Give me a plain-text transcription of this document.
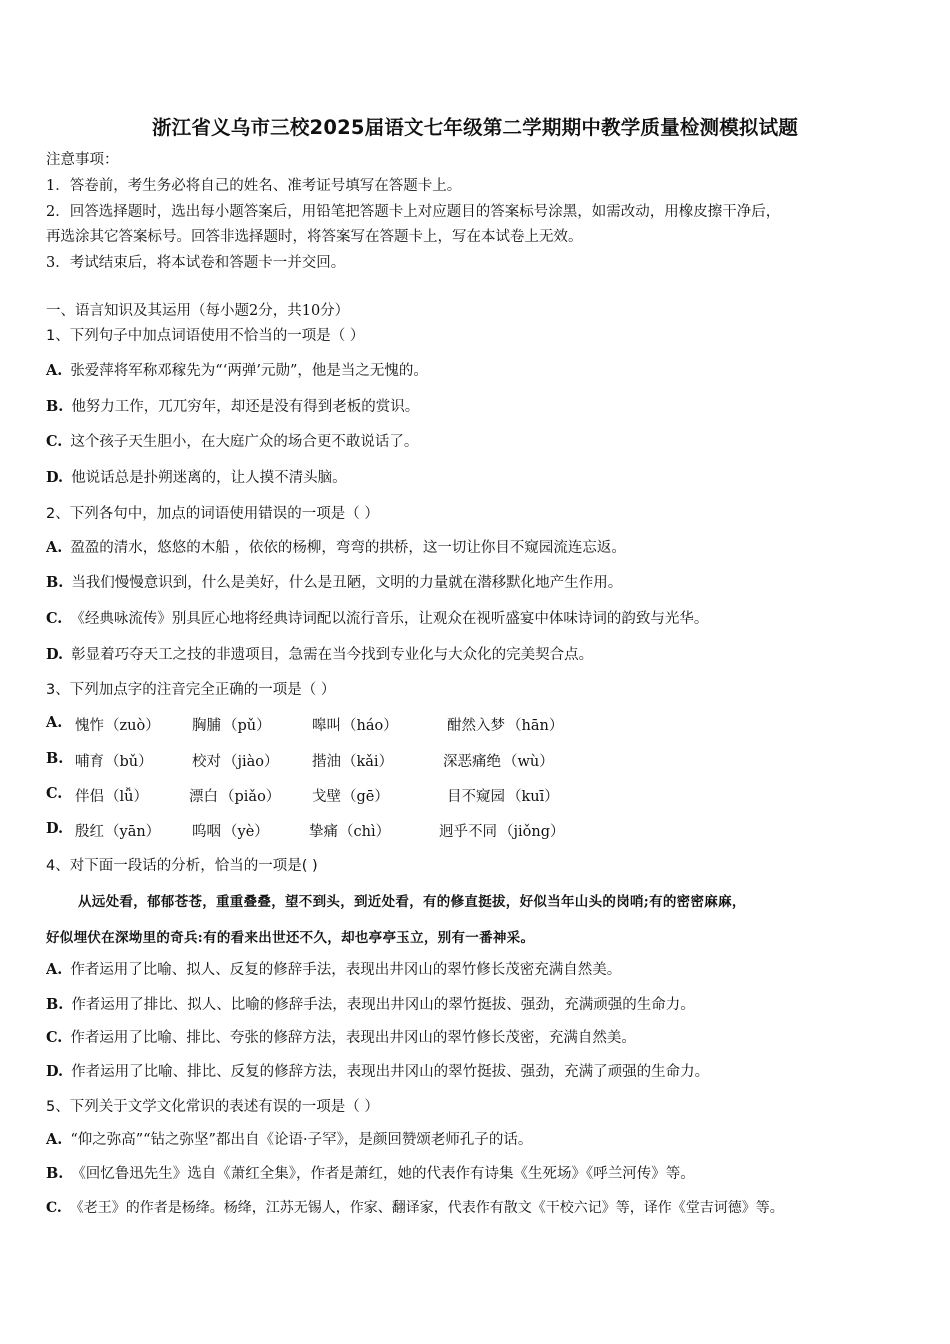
浙江省义乌市三校2025届语文七年级第二学期期中教学质量检测模拟试题
注意事项：
1．答卷前，考生务必将自己的姓名、准考证号填写在答题卡上。
2．回答选择题时，选出每小题答案后，用铅笔把答题卡上对应题目的答案标号涂黑，如需改动，用橡皮擦干净后，
再选涂其它答案标号。回答非选择题时，将答案写在答题卡上，写在本试卷上无效。
3．考试结束后，将本试卷和答题卡一并交回。
一、语言知识及其运用（每小题2分，共10分）
1、下列句子中加点词语使用不恰当的一项是（ ）
A. 张爱萍将军称邓稼先为“‘两弹’元勋”，他是当之无愧的。
B. 他努力工作，兀兀穷年，却还是没有得到老板的赏识。
C. 这个孩子天生胆小，在大庭广众的场合更不敢说话了。
D. 他说话总是扑朔迷离的，让人摸不清头脑。
2、下列各句中，加点的词语使用错误的一项是（ ）
A. 盈盈的清水，悠悠的木船 ，依依的杨柳，弯弯的拱桥，这一切让你目不窥园流连忘返。
B. 当我们慢慢意识到，什么是美好，什么是丑陋，文明的力量就在潜移默化地产生作用。
C. 《经典咏流传》别具匠心地将经典诗词配以流行音乐，让观众在视听盛宴中体味诗词的韵致与光华。
D. 彰显着巧夺天工之技的非遗项目，急需在当今找到专业化与大众化的完美契合点。
3、下列加点字的注音完全正确的一项是（ ）
A. 愧怍 （zuò） 胸脯 （pǔ）	嗥叫 （háo）	酣然入梦 （hān）
B. 哺育 （bǔ）	校对 （jiào） 揩油 （kǎi）	深恶痛绝 （wù）
C. 伴侣 （lǚ）	漂白 （piǎo） 戈壁 （gē）	目不窥园 （kuī）
D. 殷红 （yān） 呜咽 （yè）	挚痛 （chì）	迥乎不同 （jiǒng）
4、对下面一段话的分析，恰当的一项是( )
从远处看，郁郁苍苍，重重叠叠，望不到头，到近处看，有的修直挺拔，好似当年山头的岗哨;有的密密麻麻，
好似埋伏在深坳里的奇兵:有的看来出世还不久，却也亭亭玉立，别有一番神采。
A. 作者运用了比喻、拟人、反复的修辞手法，表现出井冈山的翠竹修长茂密充满自然美。
B. 作者运用了排比、拟人、比喻的修辞手法，表现出井冈山的翠竹挺拔、强劲，充满顽强的生命力。
C. 作者运用了比喻、排比、夸张的修辞方法，表现出井冈山的翠竹修长茂密，充满自然美。
D. 作者运用了比喻、排比、反复的修辞方法，表现出井冈山的翠竹挺拔、强劲，充满了顽强的生命力。
5、下列关于文学文化常识的表述有误的一项是（ ）
A. “仰之弥高”“钻之弥坚”都出自《论语·子罕》，是颜回赞颂老师孔子的话。
B. 《回忆鲁迅先生》选自《萧红全集》，作者是萧红，她的代表作有诗集《生死场》《呼兰河传》等。
C. 《老王》的作者是杨绛。杨绛，江苏无锡人，作家、翻译家，代表作有散文《干校六记》等，译作《堂吉诃德》等。
